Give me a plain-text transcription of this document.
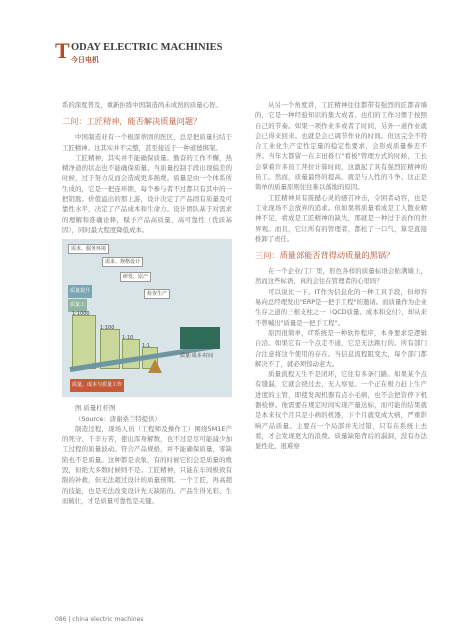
T ODAY ELECTRIC MACHINIES
今日电机

系的深度普及，重新拒练中国制造尚未成熟的质量心智。

二问：工匠精神，能否解决质量问题？

中国制造业有一个极深蒂固的医区，总是把质量归结于工匠精神。这其实并不完整，甚至接近于一种道德绑架。

工匠精神，其实并不能确保质量。勤奋的工作不懈，热精净道的状态也不能确保质量。当质量控制手段出现偏差的时候，过于努力反而会造成更多损费。质量是由一个体系所生成的，它是一把连环锁，每个参与者不过都只有其中的一把钥匙。价值溢出的那上游，设计决定了产品固有质量及可靠性水平，决定了产品成本和生命力。设计团队基于对需求的理解和准确诠释，赋予产品高质量、高可靠性（优质基因），同时最大程度降低成本。

需求、服务环境
需求、规格设计
研发、原产
检查生产
质量提升
质量工
1:1000
1:100
1:10
1:1
质量·成本·时间
质量、成本与质量工作

图 质量杠杆图

（Source：唐谢桑兰特提供）

制造过程，现场人员（工程师及操作工）围绕5M1E产的死守、千辛万苦，使出浑身解数，也不过是尽可能减少加工过程的质量波动。符合产品规格，并不能确保质量，零缺陷也不是质量。这种都是表象，有的时候它们会是质量的败毁，但绝大多数时候则不是。工匠精神，只能在车间极致有限的补救，但无法超过设计的质量预期。一个工匠，再高超的技能，也是无法改变设计先天缺陷的。产品生得光彩、生而破壮，才是质量可靠性是关键。

从另一个角度讲，工匠精神往往都带有强烈的匠都音墙的，它是一种经验知识的集大成者。也们的工作习惯于按照自己的节奏。如果一项作业多或者了时间，另外一道作业就会已得来回来。也就是会已调节作业的时间。但这完全不符合工业化生产定性定量的稳定性要求，会形成质量参差不齐。当年大都留一在丰田推行"看板"管理方式的时候，工长会掌着许多员工拜拉计算时间，这激起了具有强烈匠精神的员工。然而，质量最终的提高，就是与人性的斗争。这正是简单的质量原则往往难以落地的原因。

工匠精神具有震撼心灵的感召冲击，令困者动容，也是工业现场不会放弃的追求。但如果将质量看成是工人散业精神不足，看成是工匠精神的缺失，那就是一种过于表作的世界观。而且，它让所有的管理者，都松了一口气，算是直接推卸了责任。

三问：质量部能否背得动质量的黑锅？

在一个企业/工厂里，形色各样的质量标语会贴满墙上，然而这些标语，真的会往在管理者的心里吗？

可以说比一下。IT作为信息化的一种工具手段，但却容易向总经理发出"ERP是一把手工程"的邀请。而质量作为企业生存之道的三根支柱之一（QCD质量、成本和交付），却从来不曾喊出"质量是一把手工程"。

原因很简单，IT系统是一种软件程序，本身要求是逻辑自洽。如果它有一个点走不通，它是无法跳行的。所有部门合注意将这个使用的存在。当信息流程阻变大，每个部门都解决不了，就必须惊动老大。

质量流程天生不是闭环，它往有多条门路。如果某个点有缝漏，它就会绕过去，无人察觉。一个正在极力赶上生产进度的主管，即使发现机器有点小毛病，也不会把资停下机器检修。他需要在规定时间实现产量达标，而可能的结果就是本来仅个月只是小病的机器，下个月就变成大病，严重影响产品质量。主要在一个局部并无过错，只有在系统上去看，才会发现更大的浪费。质量缺陷背后的漏洞，没有办法显性化，很难察

086 | china electric machines
